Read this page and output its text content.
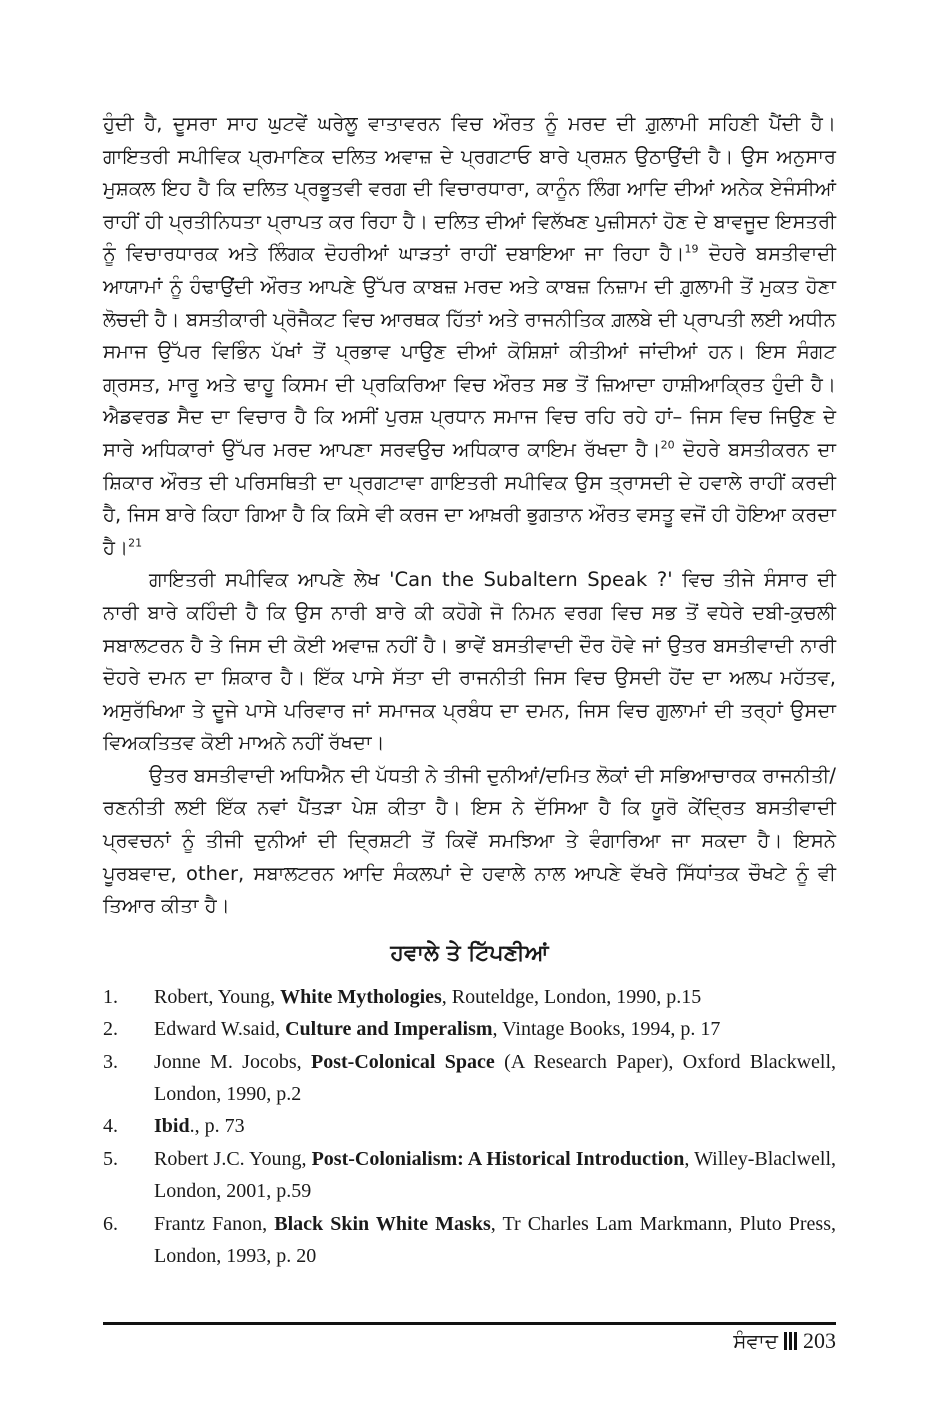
ਹੁੰਦੀ ਹੈ, ਦੂਸਰਾ ਸਾਹ ਘੁਟਵੇਂ ਘਰੇਲੂ ਵਾਤਾਵਰਨ ਵਿਚ ਔਰਤ ਨੂੰ ਮਰਦ ਦੀ ਗ਼ੁਲਾਮੀ ਸਹਿਣੀ ਪੈਂਦੀ ਹੈ। ਗਾਇਤਰੀ ਸਪੀਵਿਕ ਪ੍ਰਮਾਣਿਕ ਦਲਿਤ ਅਵਾਜ਼ ਦੇ ਪ੍ਰਗਟਾਓ ਬਾਰੇ ਪ੍ਰਸ਼ਨ ਉਠਾਉਂਦੀ ਹੈ। ਉਸ ਅਨੁਸਾਰ ਮੁਸ਼ਕਲ ਇਹ ਹੈ ਕਿ ਦਲਿਤ ਪ੍ਰਭੂਤਵੀ ਵਰਗ ਦੀ ਵਿਚਾਰਧਾਰਾ, ਕਾਨੂੰਨ ਲਿੰਗ ਆਦਿ ਦੀਆਂ ਅਨੇਕ ਏਜੰਸੀਆਂ ਰਾਹੀਂ ਹੀ ਪ੍ਰਤੀਨਿਧਤਾ ਪ੍ਰਾਪਤ ਕਰ ਰਿਹਾ ਹੈ। ਦਲਿਤ ਦੀਆਂ ਵਿਲੱਖਣ ਪੁਜ਼ੀਸਨਾਂ ਹੋਣ ਦੇ ਬਾਵਜੂਦ ਇਸਤਰੀ ਨੂੰ ਵਿਚਾਰਧਾਰਕ ਅਤੇ ਲਿੰਗਕ ਦੋਹਰੀਆਂ ਘਾੜਤਾਂ ਰਾਹੀਂ ਦਬਾਇਆ ਜਾ ਰਿਹਾ ਹੈ।$^{19}$ ਦੋਹਰੇ ਬਸਤੀਵਾਦੀ ਆਯਾਮਾਂ ਨੂੰ ਹੰਢਾਉਂਦੀ ਔਰਤ ਆਪਣੇ ਉੱਪਰ ਕਾਬਜ਼ ਮਰਦ ਅਤੇ ਕਾਬਜ਼ ਨਿਜ਼ਾਮ ਦੀ ਗ਼ੁਲਾਮੀ ਤੋਂ ਮੁਕਤ ਹੋਣਾ ਲੋਚਦੀ ਹੈ। ਬਸਤੀਕਾਰੀ ਪ੍ਰੋਜੈਕਟ ਵਿਚ ਆਰਥਕ ਹਿੱਤਾਂ ਅਤੇ ਰਾਜਨੀਤਿਕ ਗ਼ਲਬੇ ਦੀ ਪ੍ਰਾਪਤੀ ਲਈ ਅਧੀਨ ਸਮਾਜ ਉੱਪਰ ਵਿਭਿੰਨ ਪੱਖਾਂ ਤੋਂ ਪ੍ਰਭਾਵ ਪਾਉਣ ਦੀਆਂ ਕੋਸ਼ਿਸ਼ਾਂ ਕੀਤੀਆਂ ਜਾਂਦੀਆਂ ਹਨ। ਇਸ ਸੰਗਟ ਗ੍ਰਸਤ, ਮਾਰੂ ਅਤੇ ਢਾਹੂ ਕਿਸਮ ਦੀ ਪ੍ਰਕਿਰਿਆ ਵਿਚ ਔਰਤ ਸਭ ਤੋਂ ਜ਼ਿਆਦਾ ਹਾਸ਼ੀਆਕ੍ਰਿਤ ਹੁੰਦੀ ਹੈ। ਐਡਵਰਡ ਸੈਦ ਦਾ ਵਿਚਾਰ ਹੈ ਕਿ ਅਸੀਂ ਪੁਰਸ਼ ਪ੍ਰਧਾਨ ਸਮਾਜ ਵਿਚ ਰਹਿ ਰਹੇ ਹਾਂ– ਜਿਸ ਵਿਚ ਜਿਉਣ ਦੇ ਸਾਰੇ ਅਧਿਕਾਰਾਂ ਉੱਪਰ ਮਰਦ ਆਪਣਾ ਸਰਵਉਚ ਅਧਿਕਾਰ ਕਾਇਮ ਰੱਖਦਾ ਹੈ।$^{20}$ ਦੋਹਰੇ ਬਸਤੀਕਰਨ ਦਾ ਸ਼ਿਕਾਰ ਔਰਤ ਦੀ ਪਰਿਸਥਿਤੀ ਦਾ ਪ੍ਰਗਟਾਵਾ ਗਾਇਤਰੀ ਸਪੀਵਿਕ ਉਸ ਤ੍ਰਾਸਦੀ ਦੇ ਹਵਾਲੇ ਰਾਹੀਂ ਕਰਦੀ ਹੈ, ਜਿਸ ਬਾਰੇ ਕਿਹਾ ਗਿਆ ਹੈ ਕਿ ਕਿਸੇ ਵੀ ਕਰਜ ਦਾ ਆਖ਼ਰੀ ਭੁਗਤਾਨ ਔਰਤ ਵਸਤੂ ਵਜੋਂ ਹੀ ਹੋਇਆ ਕਰਦਾ ਹੈ।$^{21}$

ਗਾਇਤਰੀ ਸਪੀਵਿਕ ਆਪਣੇ ਲੇਖ 'Can the Subaltern Speak ?' ਵਿਚ ਤੀਜੇ ਸੰਸਾਰ ਦੀ ਨਾਰੀ ਬਾਰੇ ਕਹਿੰਦੀ ਹੈ ਕਿ ਉਸ ਨਾਰੀ ਬਾਰੇ ਕੀ ਕਹੋਗੇ ਜੋ ਨਿਮਨ ਵਰਗ ਵਿਚ ਸਭ ਤੋਂ ਵਧੇਰੇ ਦਬੀ-ਕੁਚਲੀ ਸਬਾਲਟਰਨ ਹੈ ਤੇ ਜਿਸ ਦੀ ਕੋਈ ਅਵਾਜ਼ ਨਹੀਂ ਹੈ। ਭਾਵੇਂ ਬਸਤੀਵਾਦੀ ਦੌਰ ਹੋਵੇ ਜਾਂ ਉਤਰ ਬਸਤੀਵਾਦੀ ਨਾਰੀ ਦੋਹਰੇ ਦਮਨ ਦਾ ਸ਼ਿਕਾਰ ਹੈ। ਇੱਕ ਪਾਸੇ ਸੱਤਾ ਦੀ ਰਾਜਨੀਤੀ ਜਿਸ ਵਿਚ ਉਸਦੀ ਹੋਂਦ ਦਾ ਅਲਪ ਮਹੱਤਵ, ਅਸੁਰੱਖਿਆ ਤੇ ਦੂਜੇ ਪਾਸੇ ਪਰਿਵਾਰ ਜਾਂ ਸਮਾਜਕ ਪ੍ਰਬੰਧ ਦਾ ਦਮਨ, ਜਿਸ ਵਿਚ ਗੁਲਾਮਾਂ ਦੀ ਤਰ੍ਹਾਂ ਉਸਦਾ ਵਿਅਕਤਿਤਵ ਕੋਈ ਮਾਅਨੇ ਨਹੀਂ ਰੱਖਦਾ।

ਉਤਰ ਬਸਤੀਵਾਦੀ ਅਧਿਐਨ ਦੀ ਪੱਧਤੀ ਨੇ ਤੀਜੀ ਦੁਨੀਆਂ/ਦਮਿਤ ਲੋਕਾਂ ਦੀ ਸਭਿਆਚਾਰਕ ਰਾਜਨੀਤੀ/ਰਣਨੀਤੀ ਲਈ ਇੱਕ ਨਵਾਂ ਪੈਂਤੜਾ ਪੇਸ਼ ਕੀਤਾ ਹੈ। ਇਸ ਨੇ ਦੱਸਿਆ ਹੈ ਕਿ ਯੂਰੋ ਕੇਂਦ੍ਰਿਤ ਬਸਤੀਵਾਦੀ ਪ੍ਰਵਚਨਾਂ ਨੂੰ ਤੀਜੀ ਦੁਨੀਆਂ ਦੀ ਦ੍ਰਿਸ਼ਟੀ ਤੋਂ ਕਿਵੇਂ ਸਮਝਿਆ ਤੇ ਵੰਗਾਰਿਆ ਜਾ ਸਕਦਾ ਹੈ। ਇਸਨੇ ਪੂਰਬਵਾਦ, other, ਸਬਾਲਟਰਨ ਆਦਿ ਸੰਕਲਪਾਂ ਦੇ ਹਵਾਲੇ ਨਾਲ ਆਪਣੇ ਵੱਖਰੇ ਸਿੱਧਾਂਤਕ ਚੌਖਟੇ ਨੂੰ ਵੀ ਤਿਆਰ ਕੀਤਾ ਹੈ।

ਹਵਾਲੇ ਤੇ ਟਿੱਪਣੀਆਂ
1.	Robert, Young, White Mythologies, Routeldge, London, 1990, p.15
2.	Edward W.said, Culture and Imperalism, Vintage Books, 1994, p. 17
3.	Jonne M. Jocobs, Post-Colonical Space (A Research Paper), Oxford Blackwell, London, 1990, p.2
4.	Ibid., p. 73
5.	Robert J.C. Young, Post-Colonialism: A Historical Introduction, Willey-Blaclwell, London, 2001, p.59
6.	Frantz Fanon, Black Skin White Masks, Tr Charles Lam Markmann, Pluto Press, London, 1993, p. 20
ਸੰਵਾਦ 203
